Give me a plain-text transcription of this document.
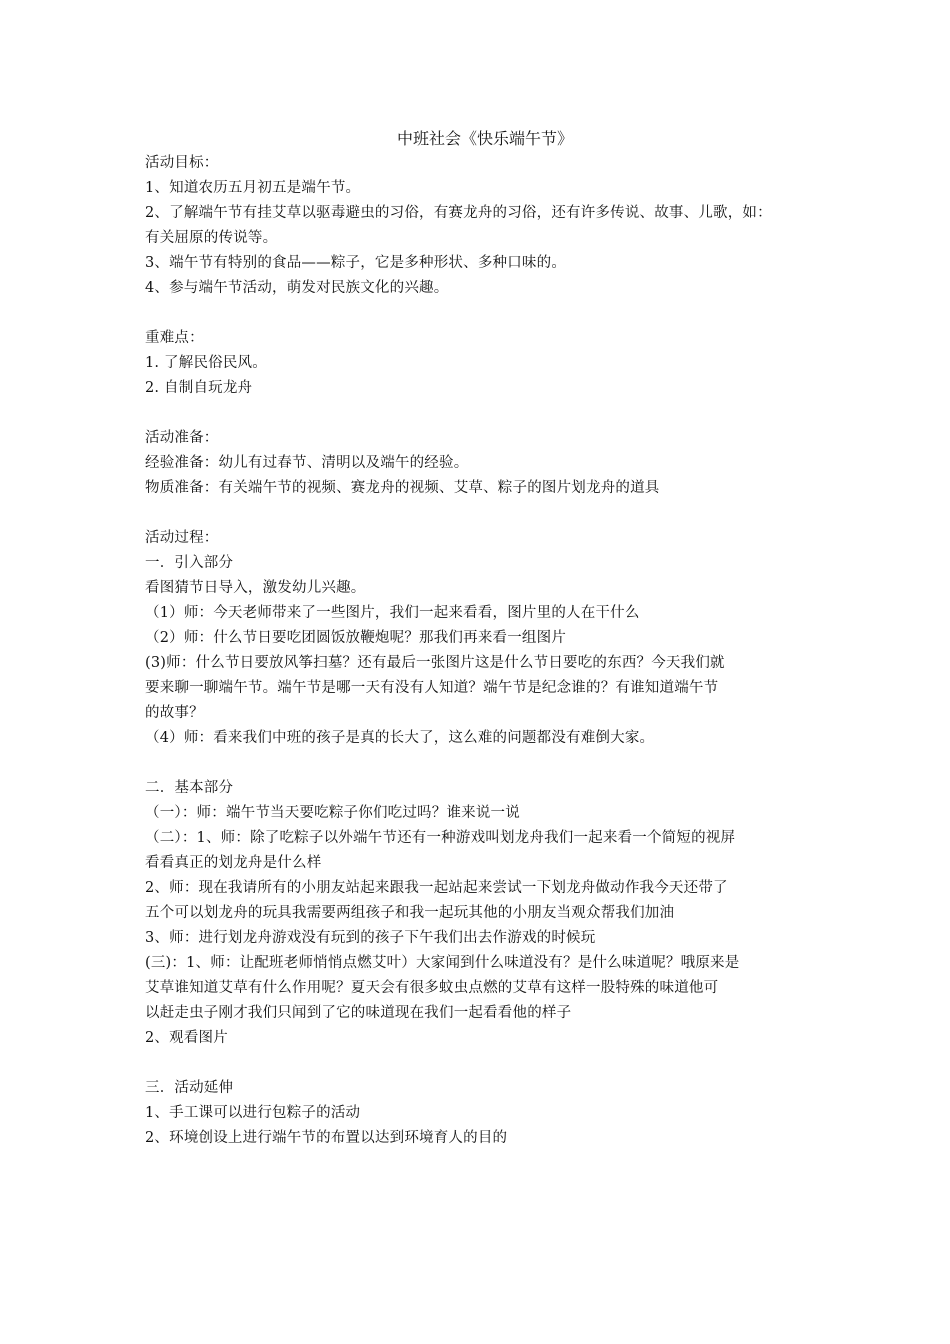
中班社会《快乐端午节》

活动目标：

1、知道农历五月初五是端午节。

2、了解端午节有挂艾草以驱毒避虫的习俗，有赛龙舟的习俗，还有许多传说、故事、儿歌，如：

有关屈原的传说等。

3、端午节有特别的食品——粽子，它是多种形状、多种口味的。

4、参与端午节活动，萌发对民族文化的兴趣。

重难点：

1. 了解民俗民风。

2. 自制自玩龙舟

活动准备：

经验准备：幼儿有过春节、清明以及端午的经验。

物质准备：有关端午节的视频、赛龙舟的视频、艾草、粽子的图片划龙舟的道具

活动过程：

一．引入部分

看图猜节日导入，激发幼儿兴趣。

（1）师：今天老师带来了一些图片，我们一起来看看，图片里的人在干什么

（2）师：什么节日要吃团圆饭放鞭炮呢？那我们再来看一组图片

(3)师：什么节日要放风筝扫墓？还有最后一张图片这是什么节日要吃的东西？今天我们就

要来聊一聊端午节。端午节是哪一天有没有人知道？端午节是纪念谁的？有谁知道端午节

的故事？

（4）师：看来我们中班的孩子是真的长大了，这么难的问题都没有难倒大家。

二．基本部分

（一）：师：端午节当天要吃粽子你们吃过吗？谁来说一说

（二）：1、师：除了吃粽子以外端午节还有一种游戏叫划龙舟我们一起来看一个简短的视屏

看看真正的划龙舟是什么样

2、师：现在我请所有的小朋友站起来跟我一起站起来尝试一下划龙舟做动作我今天还带了

五个可以划龙舟的玩具我需要两组孩子和我一起玩其他的小朋友当观众帮我们加油

3、师：进行划龙舟游戏没有玩到的孩子下午我们出去作游戏的时候玩

(三)：1、师：让配班老师悄悄点燃艾叶）大家闻到什么味道没有？是什么味道呢？哦原来是

艾草谁知道艾草有什么作用呢？夏天会有很多蚊虫点燃的艾草有这样一股特殊的味道他可

以赶走虫子刚才我们只闻到了它的味道现在我们一起看看他的样子

2、观看图片

三．活动延伸

1、手工课可以进行包粽子的活动

2、环境创设上进行端午节的布置以达到环境育人的目的
